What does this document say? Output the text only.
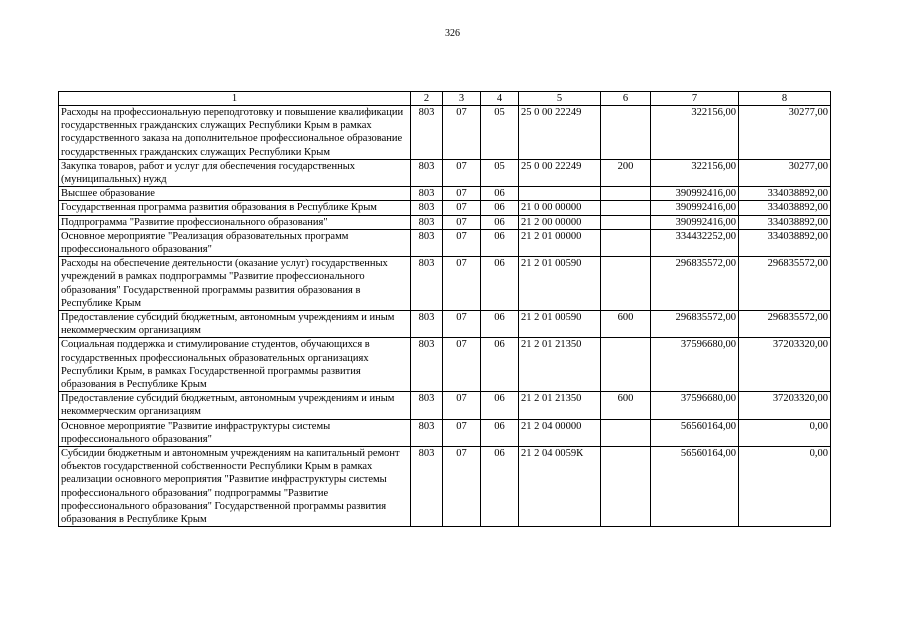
326
1	2	3	4	5	6	7	8
Расходы на профессиональную переподготовку и повышение квалификации государственных гражданских служащих Республики Крым в рамках государственного заказа на дополнительное профессиональное образование государственных гражданских служащих Республики Крым	803	07	05	25 0 00 22249		322156,00	30277,00
Закупка товаров, работ и услуг для обеспечения государственных (муниципальных) нужд	803	07	05	25 0 00 22249	200	322156,00	30277,00
Высшее образование	803	07	06			390992416,00	334038892,00
Государственная программа развития образования в Республике Крым	803	07	06	21 0 00 00000		390992416,00	334038892,00
Подпрограмма "Развитие профессионального образования"	803	07	06	21 2 00 00000		390992416,00	334038892,00
Основное мероприятие "Реализация образовательных программ профессионального образования"	803	07	06	21 2 01 00000		334432252,00	334038892,00
Расходы на обеспечение деятельности (оказание услуг) государственных учреждений в рамках подпрограммы "Развитие профессионального образования" Государственной программы развития образования в Республике Крым	803	07	06	21 2 01 00590		296835572,00	296835572,00
Предоставление субсидий бюджетным, автономным учреждениям и иным некоммерческим организациям	803	07	06	21 2 01 00590	600	296835572,00	296835572,00
Социальная поддержка и стимулирование студентов, обучающихся в государственных профессиональных образовательных организациях Республики Крым, в рамках Государственной программы развития образования в Республике Крым	803	07	06	21 2 01 21350		37596680,00	37203320,00
Предоставление субсидий бюджетным, автономным учреждениям и иным некоммерческим организациям	803	07	06	21 2 01 21350	600	37596680,00	37203320,00
Основное мероприятие "Развитие инфраструктуры системы профессионального образования"	803	07	06	21 2 04 00000		56560164,00	0,00
Субсидии бюджетным и автономным учреждениям на капитальный ремонт объектов государственной собственности Республики Крым в рамках реализации основного мероприятия "Развитие инфраструктуры системы профессионального образования" подпрограммы "Развитие профессионального образования" Государственной программы развития образования в Республике Крым	803	07	06	21 2 04 0059К		56560164,00	0,00
